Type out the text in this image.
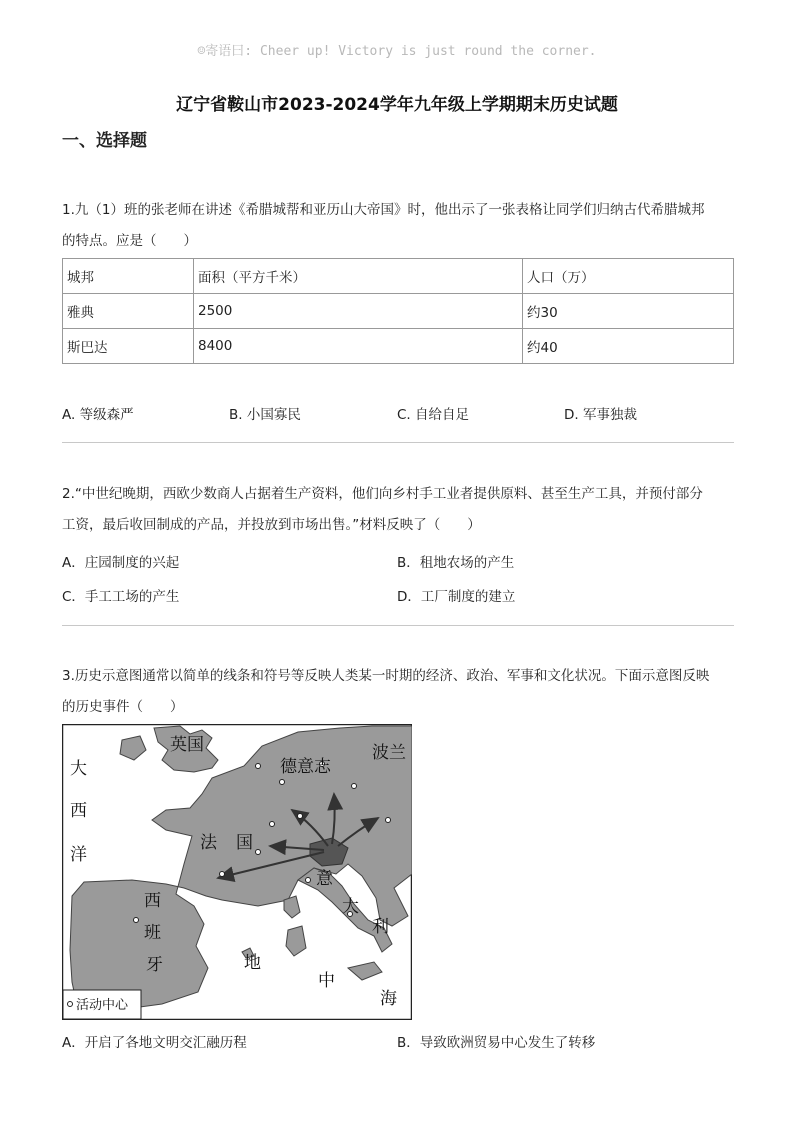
☺寄语曰: Cheer up! Victory is just round the corner.
辽宁省鞍山市2023-2024学年九年级上学期期末历史试题
一、选择题
1.九（1）班的张老师在讲述《希腊城帮和亚历山大帝国》时，他出示了一张表格让同学们归纳古代希腊城邦
的特点。应是（　　）
城邦	面积（平方千米）	人口（万）
雅典	2500	约30
斯巴达	8400	约40
A. 等级森严	B. 小国寡民	C. 自给自足	D. 军事独裁
2.“中世纪晚期，西欧少数商人占据着生产资料，他们向乡村手工业者提供原料、甚至生产工具，并预付部分
工资，最后收回制成的产品，并投放到市场出售。”材料反映了（　　）
A．庄园制度的兴起	B．租地农场的产生
C．手工工场的产生	D．工厂制度的建立
3.历史示意图通常以简单的线条和符号等反映人类某一时期的经济、政治、军事和文化状况。下面示意图反映
的历史事件（　　）
英国
德意志
波兰
大
西
洋
法 国
西
班
牙
意
大
利
地
中
海
活动中心
A．开启了各地文明交汇融历程	B．导致欧洲贸易中心发生了转移
